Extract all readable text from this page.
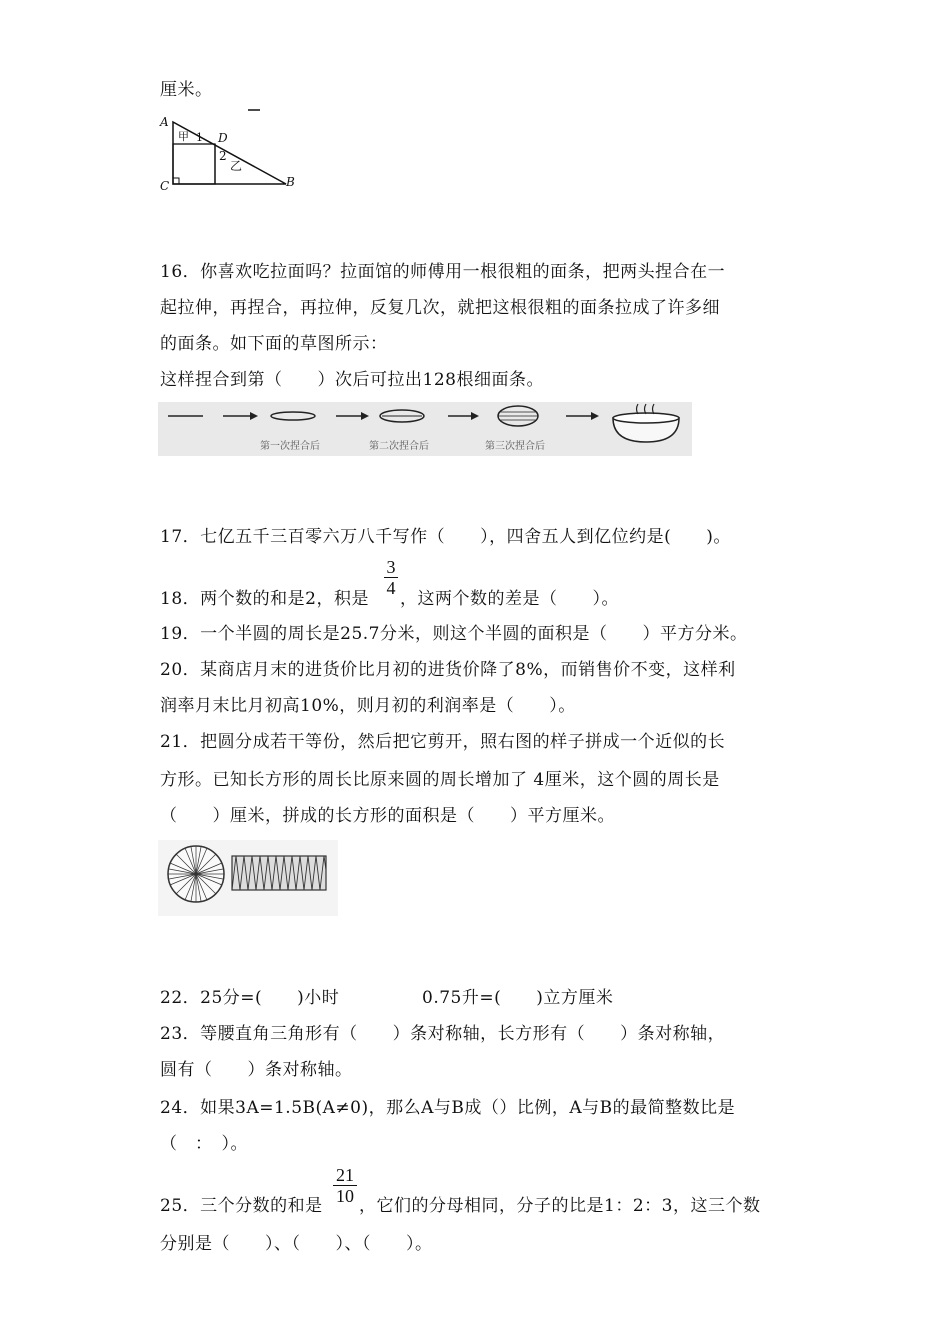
厘米。
A
C
D
B
甲 1
2
乙
16．你喜欢吃拉面吗？拉面馆的师傅用一根很粗的面条，把两头捏合在一
起拉伸，再捏合，再拉伸，反复几次，就把这根很粗的面条拉成了许多细
的面条。如下面的草图所示：
这样捏合到第（　　）次后可拉出128根细面条。
第一次捏合后	第二次捏合后	第三次捏合后
17．七亿五千三百零六万八千写作（　　），四舍五人到亿位约是(　　)。
3
4
18．两个数的和是2，积是 ，这两个数的差是（　　）。
19．一个半圆的周长是25.7分米，则这个半圆的面积是（　　）平方分米。
20．某商店月末的进货价比月初的进货价降了8%，而销售价不变，这样利
润率月末比月初高10%，则月初的利润率是（　　）。
21．把圆分成若干等份，然后把它剪开，照右图的样子拼成一个近似的长
方形。已知长方形的周长比原来圆的周长增加了 4厘米，这个圆的周长是
（　　）厘米，拼成的长方形的面积是（　　）平方厘米。
22．25分=(　　)小时	0.75升=(　　)立方厘米
23．等腰直角三角形有（　　）条对称轴，长方形有（　　）条对称轴，
圆有（　　）条对称轴。
24．如果3A=1.5B(A≠0)，那么A与B成（）比例，A与B的最简整数比是
（　：　）。
21
10
25．三个分数的和是 ，它们的分母相同，分子的比是1：2：3，这三个数
分别是（　　）、（　　）、（　　）。
